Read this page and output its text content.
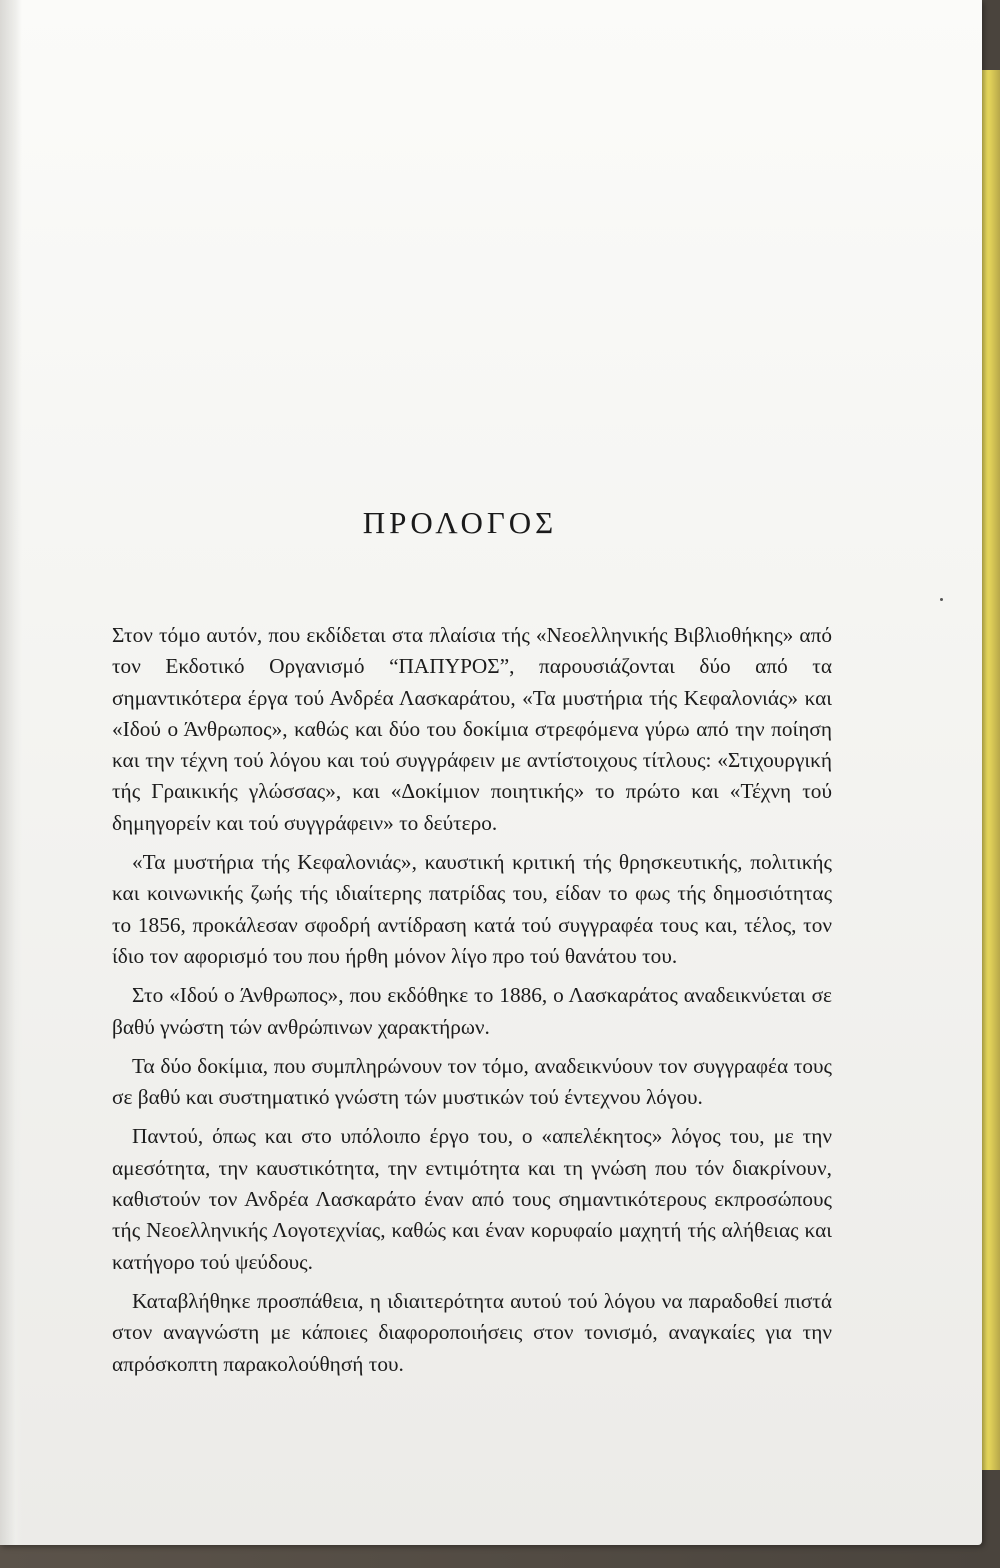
ΠΡΟΛΟΓΟΣ

Στον τόμο αυτόν, που εκδίδεται στα πλαίσια τής «Νεοελληνικής Βιβλιοθήκης» από τον Εκδοτικό Οργανισμό “ΠΑΠΥΡΟΣ”, παρουσιάζονται δύο από τα σημαντικότερα έργα τού Ανδρέα Λασκαράτου, «Τα μυστήρια τής Κεφαλονιάς» και «Ιδού ο Άνθρωπος», καθώς και δύο του δοκίμια στρεφόμενα γύρω από την ποίηση και την τέχνη τού λόγου και τού συγγράφειν με αντίστοιχους τίτλους: «Στιχουργική τής Γραικικής γλώσσας», και «Δοκίμιον ποιητικής» το πρώτο και «Τέχνη τού δημηγορείν και τού συγγράφειν» το δεύτερο.

«Τα μυστήρια τής Κεφαλονιάς», καυστική κριτική τής θρησκευτικής, πολιτικής και κοινωνικής ζωής τής ιδιαίτερης πατρίδας του, είδαν το φως τής δημοσιότητας το 1856, προκάλεσαν σφοδρή αντίδραση κατά τού συγγραφέα τους και, τέλος, τον ίδιο τον αφορισμό του που ήρθη μόνον λίγο προ τού θανάτου του.

Στο «Ιδού ο Άνθρωπος», που εκδόθηκε το 1886, ο Λασκαράτος αναδεικνύεται σε βαθύ γνώστη τών ανθρώπινων χαρακτήρων.

Τα δύο δοκίμια, που συμπληρώνουν τον τόμο, αναδεικνύουν τον συγγραφέα τους σε βαθύ και συστηματικό γνώστη τών μυστικών τού έντεχνου λόγου.

Παντού, όπως και στο υπόλοιπο έργο του, ο «απελέκητος» λόγος του, με την αμεσότητα, την καυστικότητα, την εντιμότητα και τη γνώση που τόν διακρίνουν, καθιστούν τον Ανδρέα Λασκαράτο έναν από τους σημαντικότερους εκπροσώπους τής Νεοελληνικής Λογοτεχνίας, καθώς και έναν κορυφαίο μαχητή τής αλήθειας και κατήγορο τού ψεύδους.

Καταβλήθηκε προσπάθεια, η ιδιαιτερότητα αυτού τού λόγου να παραδοθεί πιστά στον αναγνώστη με κάποιες διαφοροποιήσεις στον τονισμό, αναγκαίες για την απρόσκοπτη παρακολούθησή του.
